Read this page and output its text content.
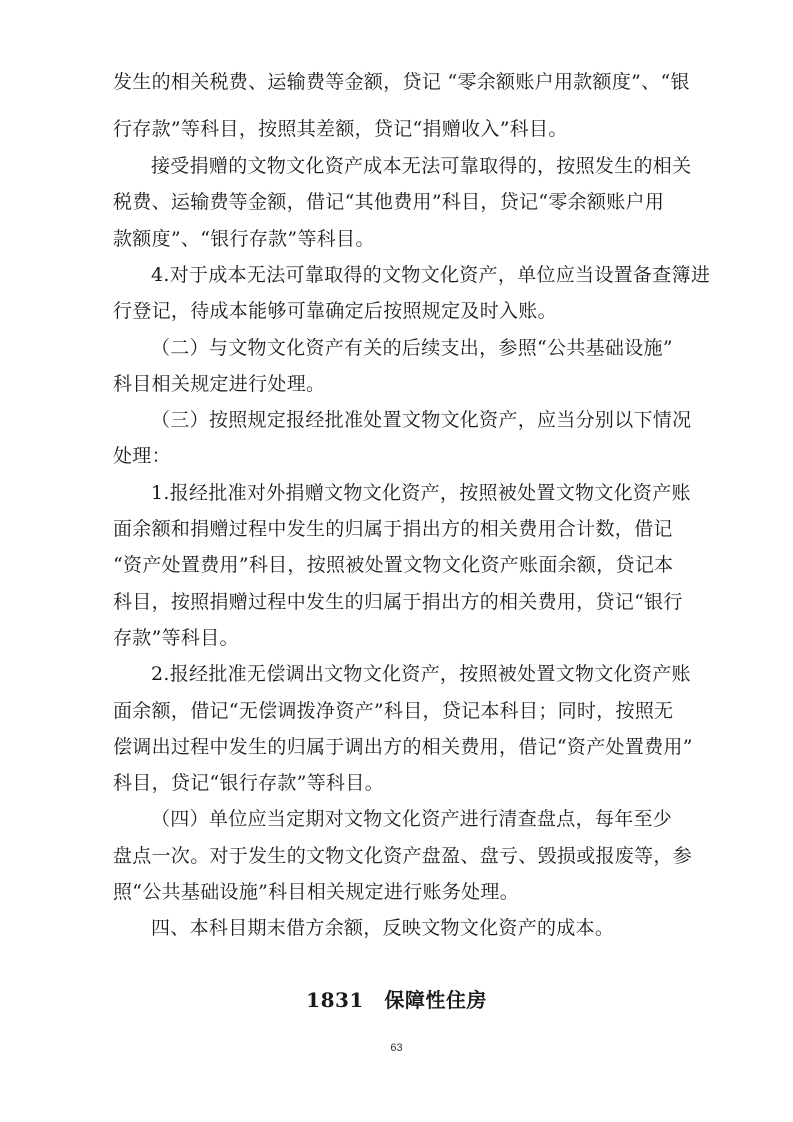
发生的相关税费、运输费等金额，贷记 “零余额账户用款额度”、“银
行存款”等科目，按照其差额，贷记“捐赠收入”科目。
接受捐赠的文物文化资产成本无法可靠取得的，按照发生的相关
税费、运输费等金额，借记“其他费用”科目，贷记“零余额账户用
款额度”、“银行存款”等科目。
4.对于成本无法可靠取得的文物文化资产，单位应当设置备查簿进
行登记，待成本能够可靠确定后按照规定及时入账。
（二）与文物文化资产有关的后续支出，参照“公共基础设施”
科目相关规定进行处理。
（三）按照规定报经批准处置文物文化资产，应当分别以下情况
处理：
1.报经批准对外捐赠文物文化资产，按照被处置文物文化资产账
面余额和捐赠过程中发生的归属于捐出方的相关费用合计数，借记
“资产处置费用”科目，按照被处置文物文化资产账面余额，贷记本
科目，按照捐赠过程中发生的归属于捐出方的相关费用，贷记“银行
存款”等科目。
2.报经批准无偿调出文物文化资产，按照被处置文物文化资产账
面余额，借记“无偿调拨净资产”科目，贷记本科目；同时，按照无
偿调出过程中发生的归属于调出方的相关费用，借记“资产处置费用”
科目，贷记“银行存款”等科目。
（四）单位应当定期对文物文化资产进行清查盘点，每年至少
盘点一次。对于发生的文物文化资产盘盈、盘亏、毁损或报废等，参
照“公共基础设施”科目相关规定进行账务处理。
四、本科目期末借方余额，反映文物文化资产的成本。
1831　保障性住房
63
